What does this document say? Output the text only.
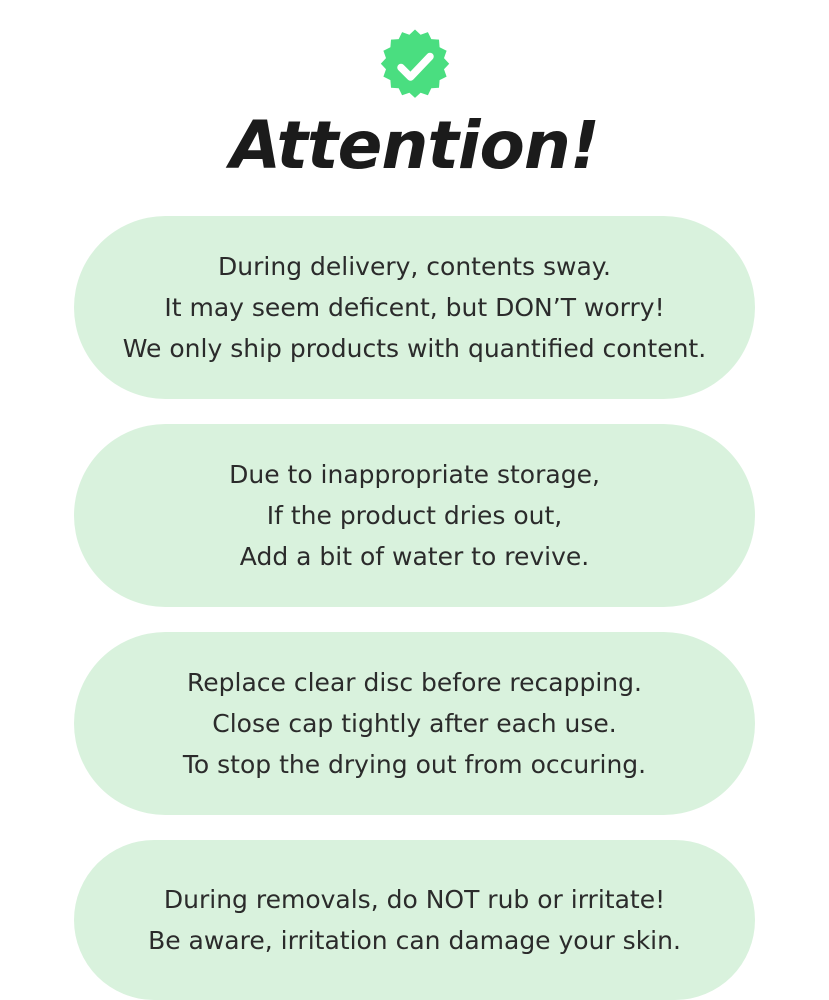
Attention!
During delivery, contents sway.
It may seem deficent, but DON’T worry!
We only ship products with quantified content.
Due to inappropriate storage,
If the product dries out,
Add a bit of water to revive.
Replace clear disc before recapping.
Close cap tightly after each use.
To stop the drying out from occuring.
During removals, do NOT rub or irritate!
Be aware, irritation can damage your skin.
